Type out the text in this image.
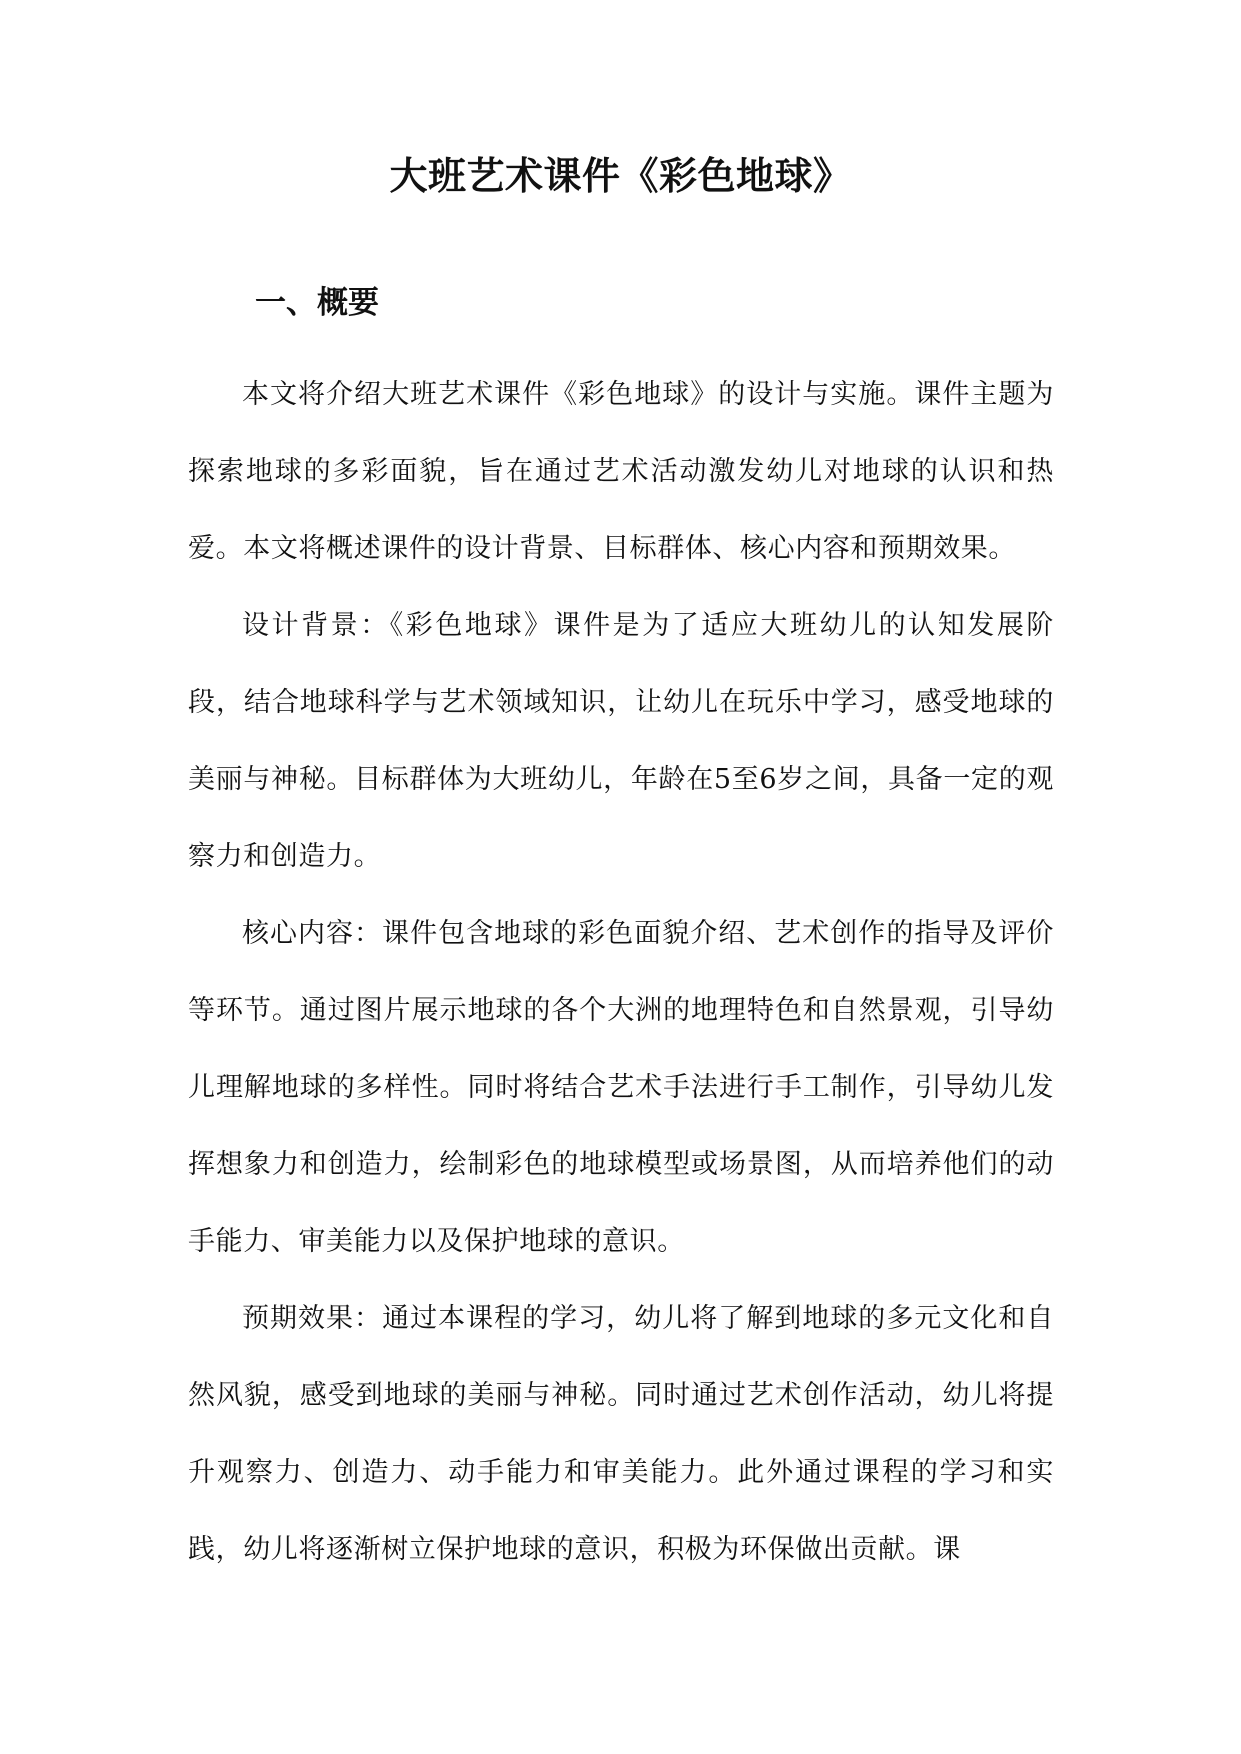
大班艺术课件《彩色地球》
一、概要

本文将介绍大班艺术课件《彩色地球》的设计与实施。课件主题为探索地球的多彩面貌，旨在通过艺术活动激发幼儿对地球的认识和热爱。本文将概述课件的设计背景、目标群体、核心内容和预期效果。

设计背景：《彩色地球》课件是为了适应大班幼儿的认知发展阶段，结合地球科学与艺术领域知识，让幼儿在玩乐中学习，感受地球的美丽与神秘。目标群体为大班幼儿，年龄在5至6岁之间，具备一定的观察力和创造力。

核心内容：课件包含地球的彩色面貌介绍、艺术创作的指导及评价等环节。通过图片展示地球的各个大洲的地理特色和自然景观，引导幼儿理解地球的多样性。同时将结合艺术手法进行手工制作，引导幼儿发挥想象力和创造力，绘制彩色的地球模型或场景图，从而培养他们的动手能力、审美能力以及保护地球的意识。

预期效果：通过本课程的学习，幼儿将了解到地球的多元文化和自然风貌，感受到地球的美丽与神秘。同时通过艺术创作活动，幼儿将提升观察力、创造力、动手能力和审美能力。此外通过课程的学习和实践，幼儿将逐渐树立保护地球的意识，积极为环保做出贡献。课
